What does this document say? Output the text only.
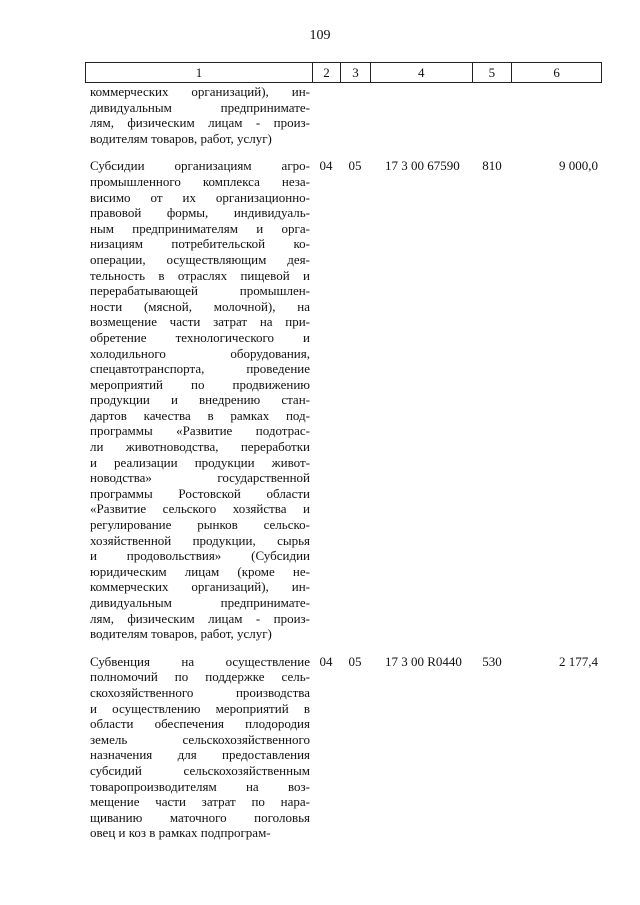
109
1	2	3	4	5	6
коммерческих организаций), ин-
дивидуальным предпринимате-
лям, физическим лицам - произ-
водителям товаров, работ, услуг)
Субсидии организациям агро-
промышленного комплекса неза-
висимо от их организационно-
правовой формы, индивидуаль-
ным предпринимателям и орга-
низациям потребительской ко-
операции, осуществляющим дея-
тельность в отраслях пищевой и
перерабатывающей промышлен-
ности (мясной, молочной), на
возмещение части затрат на при-
обретение технологического и
холодильного оборудования,
спецавтотранспорта, проведение
мероприятий по продвижению
продукции и внедрению стан-
дартов качества в рамках под-
программы «Развитие подотрас-
ли животноводства, переработки
и реализации продукции живот-
новодства» государственной
программы Ростовской области
«Развитие сельского хозяйства и
регулирование рынков сельско-
хозяйственной продукции, сырья
и продовольствия» (Субсидии
юридическим лицам (кроме не-
коммерческих организаций), ин-
дивидуальным предпринимате-
лям, физическим лицам - произ-
водителям товаров, работ, услуг)
04	05	17 3 00 67590	810	9 000,0
Субвенция на осуществление
полномочий по поддержке сель-
скохозяйственного производства
и осуществлению мероприятий в
области обеспечения плодородия
земель сельскохозяйственного
назначения для предоставления
субсидий сельскохозяйственным
товаропроизводителям на воз-
мещение части затрат по нара-
щиванию маточного поголовья
овец и коз в рамках подпрограм-
04	05	17 3 00 R0440	530	2 177,4
